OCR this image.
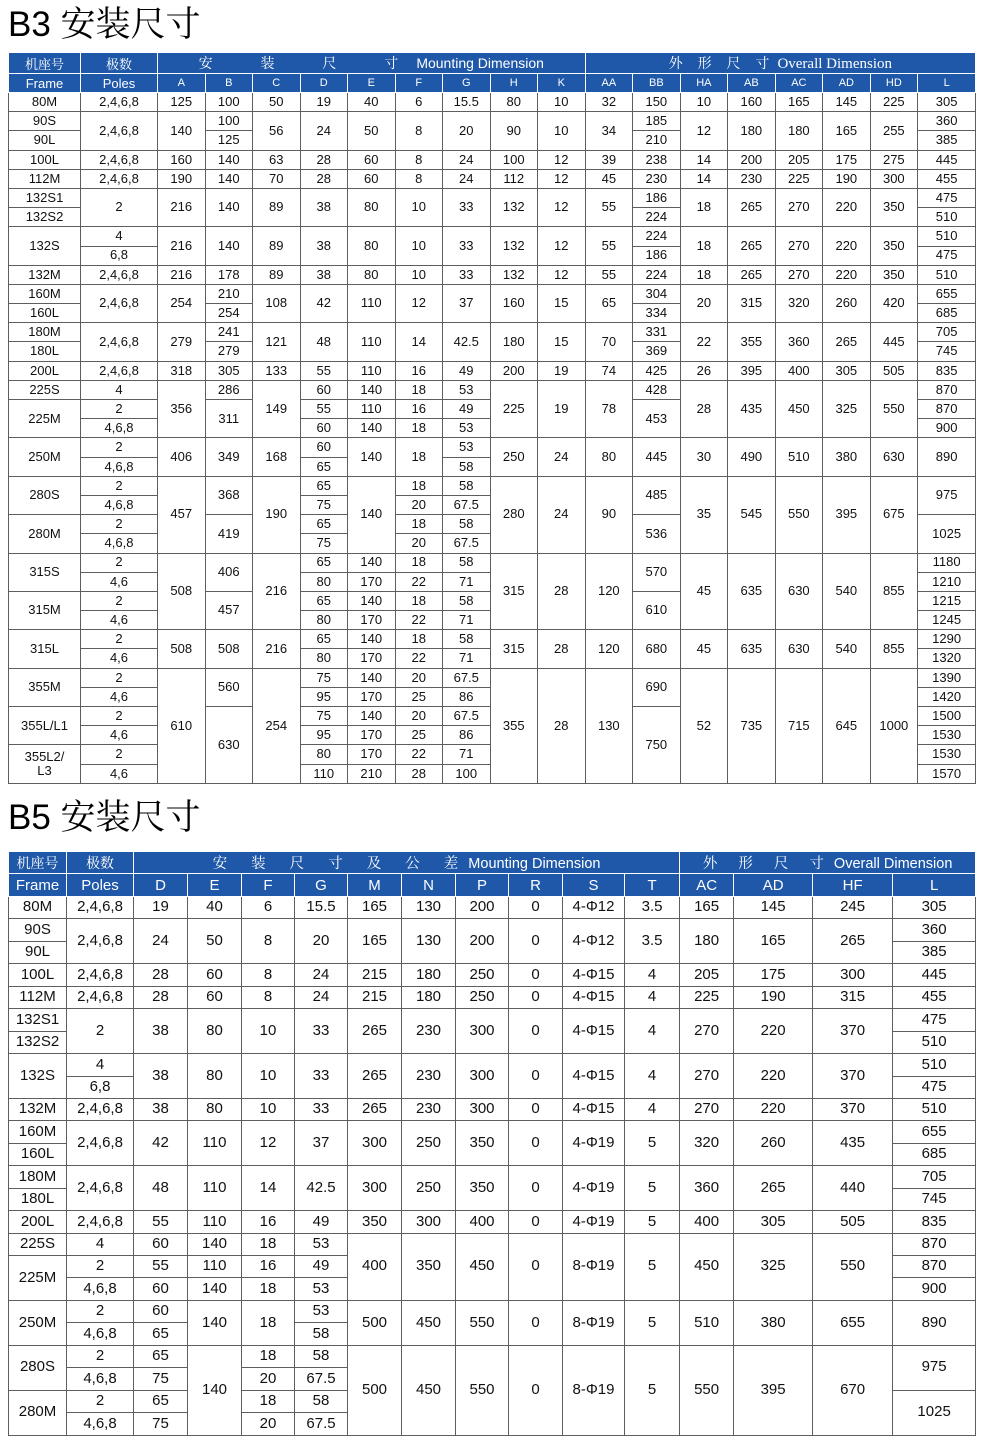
B3 安装尺寸
机座号	极数	安 装 尺 寸 Mounting Dimension									外 形 尺 寸 Overall Dimension							
Frame	Poles	A	B	C	D	E	F	G	H	K	AA	BB	HA	AB	AC	AD	HD	L
80M	2,4,6,8	125	100	50	19	40	6	15.5	80	10	32	150	10	160	165	145	225	305
90S	2,4,6,8	140	100	56	24	50	8	20	90	10	34	185	12	180	180	165	255	360
90L			125									210						385
100L	2,4,6,8	160	140	63	28	60	8	24	100	12	39	238	14	200	205	175	275	445
112M	2,4,6,8	190	140	70	28	60	8	24	112	12	45	230	14	230	225	190	300	455
132S1	2	216	140	89	38	80	10	33	132	12	55	186	18	265	270	220	350	475
132S2												224						510
132S	4	216	140	89	38	80	10	33	132	12	55	224	18	265	270	220	350	510
	6,8											186						475
132M	2,4,6,8	216	178	89	38	80	10	33	132	12	55	224	18	265	270	220	350	510
160M	2,4,6,8	254	210	108	42	110	12	37	160	15	65	304	20	315	320	260	420	655
160L			254									334						685
180M	2,4,6,8	279	241	121	48	110	14	42.5	180	15	70	331	22	355	360	265	445	705
180L			279									369						745
200L	2,4,6,8	318	305	133	55	110	16	49	200	19	74	425	26	395	400	305	505	835
225S	4	356	286	149	60	140	18	53	225	19	78	428	28	435	450	325	550	870
225M	2		311		55	110	16	49				453						870
	4,6,8				60	140	18	53										900
250M	2	406	349	168	60	140	18	53	250	24	80	445	30	490	510	380	630	890
	4,6,8				65			58										
280S	2	457	368	190	65	140	18	58	280	24	90	485	35	545	550	395	675	975
	4,6,8				75		20	67.5										
280M	2		419		65		18	58				536						1025
	4,6,8				75		20	67.5										
315S	2	508	406	216	65	140	18	58	315	28	120	570	45	635	630	540	855	1180
	4,6				80	170	22	71										1210
315M	2		457		65	140	18	58				610						1215
	4,6				80	170	22	71										1245
315L	2	508	508	216	65	140	18	58	315	28	120	680	45	635	630	540	855	1290
	4,6				80	170	22	71										1320
355M	2	610	560	254	75	140	20	67.5	355	28	130	690	52	735	715	645	1000	1390
	4,6				95	170	25	86										1420
355L/L1	2		630		75	140	20	67.5				750						1500
	4,6				95	170	25	86										1530
355L2/
L3	2				80	170	22	71										1530
	4,6				110	210	28	100										1570
B5 安装尺寸
机座号	极数	安 装 尺 寸 及 公 差 Mounting Dimension										外 形 尺 寸 Overall Dimension			
Frame	Poles	D	E	F	G	M	N	P	R	S	T	AC	AD	HF	L
80M	2,4,6,8	19	40	6	15.5	165	130	200	0	4-Φ12	3.5	165	145	245	305
90S	2,4,6,8	24	50	8	20	165	130	200	0	4-Φ12	3.5	180	165	265	360
90L															385
100L	2,4,6,8	28	60	8	24	215	180	250	0	4-Φ15	4	205	175	300	445
112M	2,4,6,8	28	60	8	24	215	180	250	0	4-Φ15	4	225	190	315	455
132S1	2	38	80	10	33	265	230	300	0	4-Φ15	4	270	220	370	475
132S2															510
132S	4	38	80	10	33	265	230	300	0	4-Φ15	4	270	220	370	510
	6,8														475
132M	2,4,6,8	38	80	10	33	265	230	300	0	4-Φ15	4	270	220	370	510
160M	2,4,6,8	42	110	12	37	300	250	350	0	4-Φ19	5	320	260	435	655
160L															685
180M	2,4,6,8	48	110	14	42.5	300	250	350	0	4-Φ19	5	360	265	440	705
180L															745
200L	2,4,6,8	55	110	16	49	350	300	400	0	4-Φ19	5	400	305	505	835
225S	4	60	140	18	53	400	350	450	0	8-Φ19	5	450	325	550	870
225M	2	55	110	16	49										870
	4,6,8	60	140	18	53										900
250M	2	60	140	18	53	500	450	550	0	8-Φ19	5	510	380	655	890
	4,6,8	65			58										
280S	2	65	140	18	58	500	450	550	0	8-Φ19	5	550	395	670	975
	4,6,8	75		20	67.5										
280M	2	65		18	58										1025
	4,6,8	75		20	67.5										
